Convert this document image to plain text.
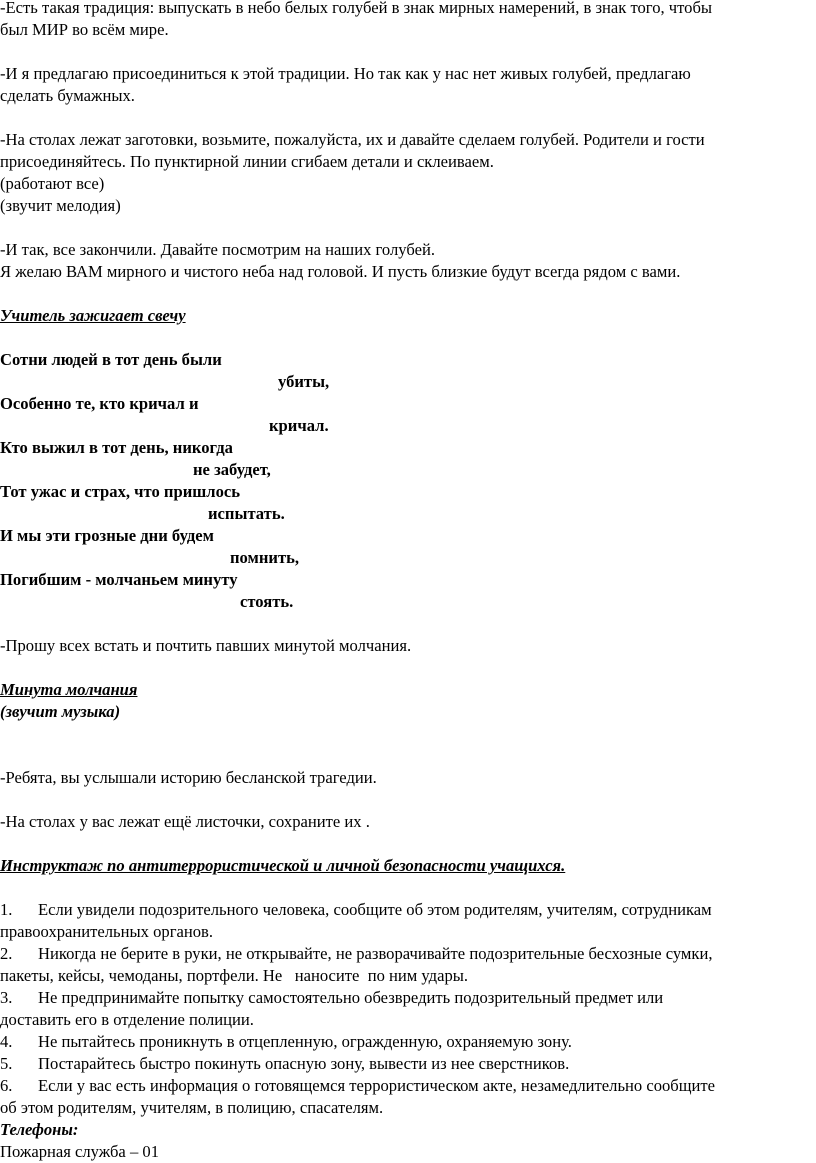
-Есть такая традиция: выпускать в небо белых голубей в знак мирных намерений, в знак того, чтобы

был МИР во всём мире.

-И я предлагаю присоединиться к этой традиции. Но так как у нас нет живых голубей, предлагаю

сделать бумажных.

-На столах лежат заготовки, возьмите, пожалуйста, их и давайте сделаем голубей. Родители и гости

присоединяйтесь. По пунктирной линии сгибаем детали и склеиваем.

(работают все)

(звучит мелодия)

-И так, все закончили. Давайте посмотрим на наших голубей.

Я желаю ВАМ мирного и чистого неба над головой. И пусть близкие будут всегда рядом с вами.

Учитель зажигает свечу

Сотни людей в тот день были

убиты,

Особенно те, кто кричал и

кричал.

Кто выжил в тот день, никогда

не забудет,

Тот ужас и страх, что пришлось

испытать.

И мы эти грозные дни будем

помнить,

Погибшим - молчаньем минуту

стоять.

-Прошу всех встать и почтить павших минутой молчания.

Минута молчания

(звучит музыка)

-Ребята, вы услышали историю бесланской трагедии.

-На столах у вас лежат ещё листочки, сохраните их .

Инструктаж по антитеррористической и личной безопасности учащихся.

1. Если увидели подозрительного человека, сообщите об этом родителям, учителям, сотрудникам

правоохранительных органов.

2. Никогда не берите в руки, не открывайте, не разворачивайте подозрительные бесхозные сумки,

пакеты, кейсы, чемоданы, портфели. Не   наносите  по ним удары.

3. Не предпринимайте попытку самостоятельно обезвредить подозрительный предмет или

доставить его в отделение полиции.

4. Не пытайтесь проникнуть в отцепленную, огражденную, охраняемую зону.

5. Постарайтесь быстро покинуть опасную зону, вывести из нее сверстников.

6. Если у вас есть информация о готовящемся террористическом акте, незамедлительно сообщите

об этом родителям, учителям, в полицию, спасателям.

Телефоны:

Пожарная служба – 01
